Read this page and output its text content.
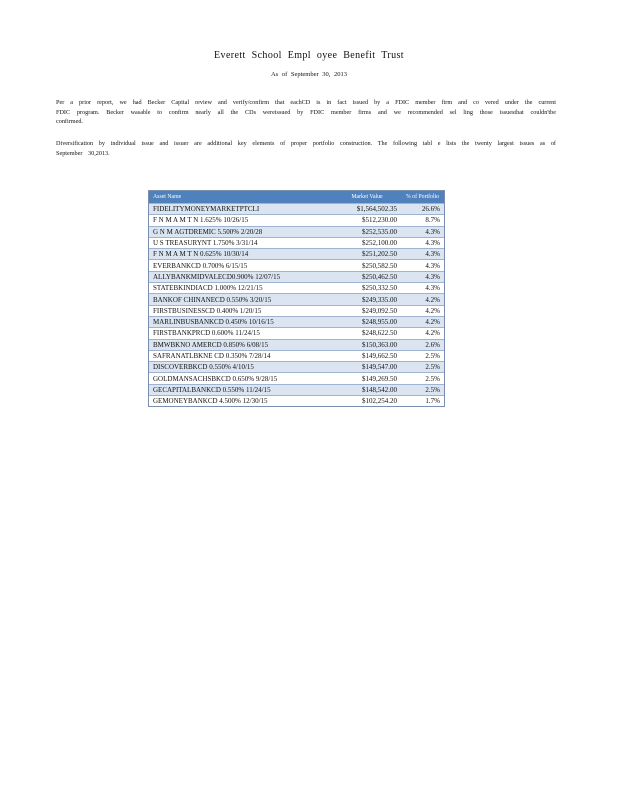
Everett School Empl oyee Benefit Trust
As of September 30, 2013
Per a prior report, we had Becker Capital review and verify/confirm that eachCD is in fact issued by a FDIC member firm and co vered under the current FDIC program. Becker wasable to confirm nearly all the CDs wereissued by FDIC member firms and we recommended sel ling those issuesthat couldn'tbe confirmed.
Diversification by individual issue and issuer are additional key elements of proper portfolio construction. The following tabl e lists the twenty largest issues as of September 30,2013.
Asset Name	Market Value	% of Portfolio
FIDELITYMONEYMARKETPTCLI	$1,564,502.35	26.6%
F N M A M T N 1.625% 10/26/15	$512,230.00	8.7%
G N M AGTDREMIC 5.500% 2/20/28	$252,535.00	4.3%
U S TREASURYNT 1.750% 3/31/14	$252,100.00	4.3%
F N M A M T N 0.625% 10/30/14	$251,202.50	4.3%
EVERBANKCD 0.700% 6/15/15	$250,582.50	4.3%
ALLYBANKMIDVALECD0.900% 12/07/15	$250,462.50	4.3%
STATEBKINDIACD 1.000% 12/21/15	$250,332.50	4.3%
BANKOF CHINANECD 0.550% 3/20/15	$249,335.00	4.2%
FIRSTBUSINESSCD 0.400% 1/20/15	$249,092.50	4.2%
MARLINBUSBANKCD 0.450% 10/16/15	$248,955.00	4.2%
FIRSTBANKPRCD 0.600% 11/24/15	$248,622.50	4.2%
BMWBKNO AMERCD 0.850% 6/08/15	$150,363.00	2.6%
SAFRANATLBKNE CD 0.350% 7/28/14	$149,662.50	2.5%
DISCOVERBKCD 0.550% 4/10/15	$149,547.00	2.5%
GOLDMANSACHSBKCD 0.650% 9/28/15	$149,269.50	2.5%
GECAPITALBANKCD 0.550% 11/24/15	$148,542.00	2.5%
GEMONEYBANKCD 4.500% 12/30/15	$102,254.20	1.7%
